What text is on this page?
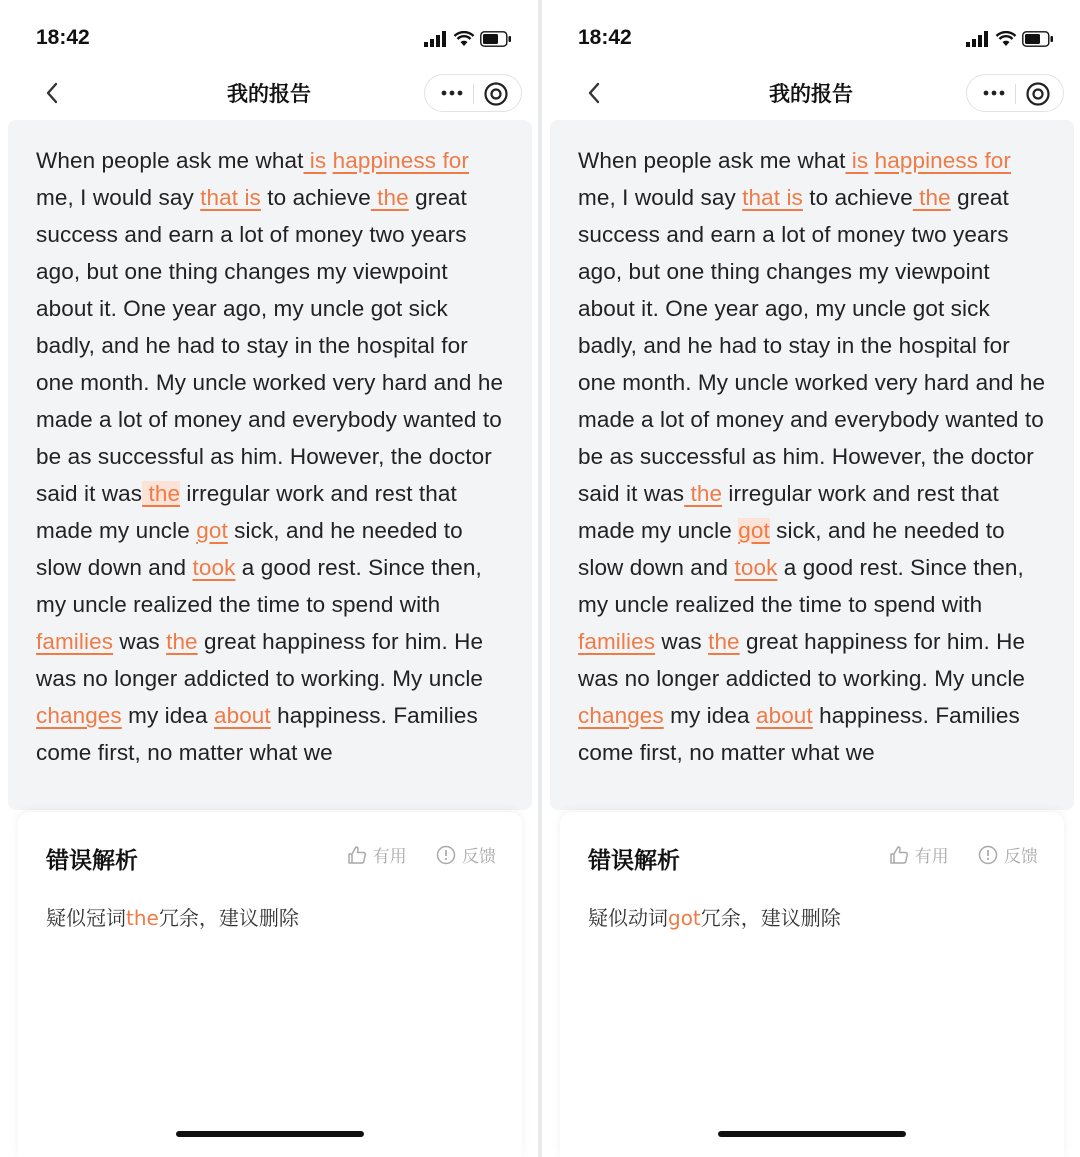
18:42

我的报告

When people ask me what is happiness for me, I would say that is to achieve the great success and earn a lot of money two years ago, but one thing changes my viewpoint about it. One year ago, my uncle got sick badly, and he had to stay in the hospital for one month. My uncle worked very hard and he made a lot of money and everybody wanted to be as successful as him. However, the doctor said it was the irregular work and rest that made my uncle got sick, and he needed to slow down and took a good rest. Since then, my uncle realized the time to spend with families was the great happiness for him. He was no longer addicted to working. My uncle changes my idea about happiness. Families come first, no matter what we

错误解析	有用
	反馈
疑似冠词the冗余，建议删除
18:42

我的报告

When people ask me what is happiness for me, I would say that is to achieve the great success and earn a lot of money two years ago, but one thing changes my viewpoint about it. One year ago, my uncle got sick badly, and he had to stay in the hospital for one month. My uncle worked very hard and he made a lot of money and everybody wanted to be as successful as him. However, the doctor said it was the irregular work and rest that made my uncle got sick, and he needed to slow down and took a good rest. Since then, my uncle realized the time to spend with families was the great happiness for him. He was no longer addicted to working. My uncle changes my idea about happiness. Families come first, no matter what we

错误解析	有用
	反馈
疑似动词got冗余，建议删除
